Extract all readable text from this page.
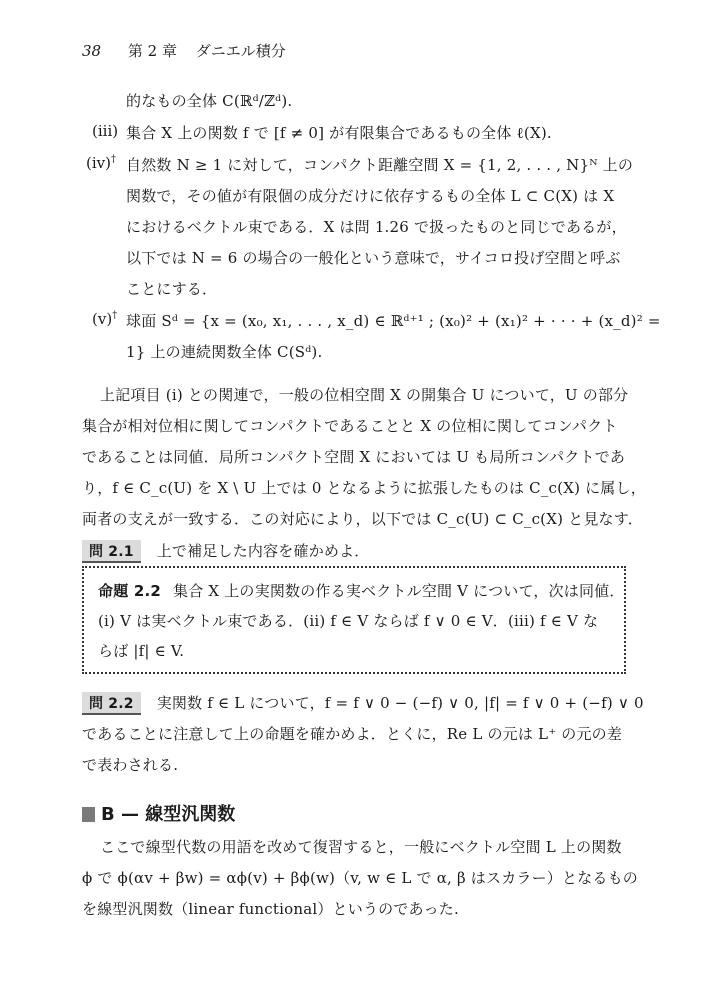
38 第 2 章 ダニエル積分
的なもの全体 C(ℝᵈ/ℤᵈ).
(iii) 集合 X 上の関数 f で [f ≠ 0] が有限集合であるもの全体 ℓ(X).
(iv)† 自然数 N ≥ 1 に対して，コンパクト距離空間 X = {1, 2, . . . , N}ᴺ 上の
関数で，その値が有限個の成分だけに依存するもの全体 L ⊂ C(X) は X
におけるベクトル束である．X は問 1.26 で扱ったものと同じであるが，
以下では N = 6 の場合の一般化という意味で，サイコロ投げ空間と呼ぶ
ことにする．
(v)† 球面 Sᵈ = {x = (x₀, x₁, . . . , x_d) ∈ ℝᵈ⁺¹ ; (x₀)² + (x₁)² + · · · + (x_d)² =
1} 上の連続関数全体 C(Sᵈ).
上記項目 (i) との関連で，一般の位相空間 X の開集合 U について，U の部分
集合が相対位相に関してコンパクトであることと X の位相に関してコンパクト
であることは同値．局所コンパクト空間 X においては U も局所コンパクトであ
り，f ∈ C_c(U) を X \ U 上では 0 となるように拡張したものは C_c(X) に属し，
両者の支えが一致する．この対応により，以下では C_c(U) ⊂ C_c(X) と見なす．
問 2.1 上で補足した内容を確かめよ．
命題 2.2 集合 X 上の実関数の作る実ベクトル空間 V について，次は同値．
(i) V は実ベクトル束である．(ii) f ∈ V ならば f ∨ 0 ∈ V．(iii) f ∈ V な
らば |f| ∈ V.
問 2.2 実関数 f ∈ L について，f = f ∨ 0 − (−f) ∨ 0, |f| = f ∨ 0 + (−f) ∨ 0
であることに注意して上の命題を確かめよ．とくに，Re L の元は L⁺ の元の差
で表わされる.
B — 線型汎関数
ここで線型代数の用語を改めて復習すると，一般にベクトル空間 L 上の関数
ϕ で ϕ(αv + βw) = αϕ(v) + βϕ(w)（v, w ∈ L で α, β はスカラー）となるもの
を線型汎関数（linear functional）というのであった.
